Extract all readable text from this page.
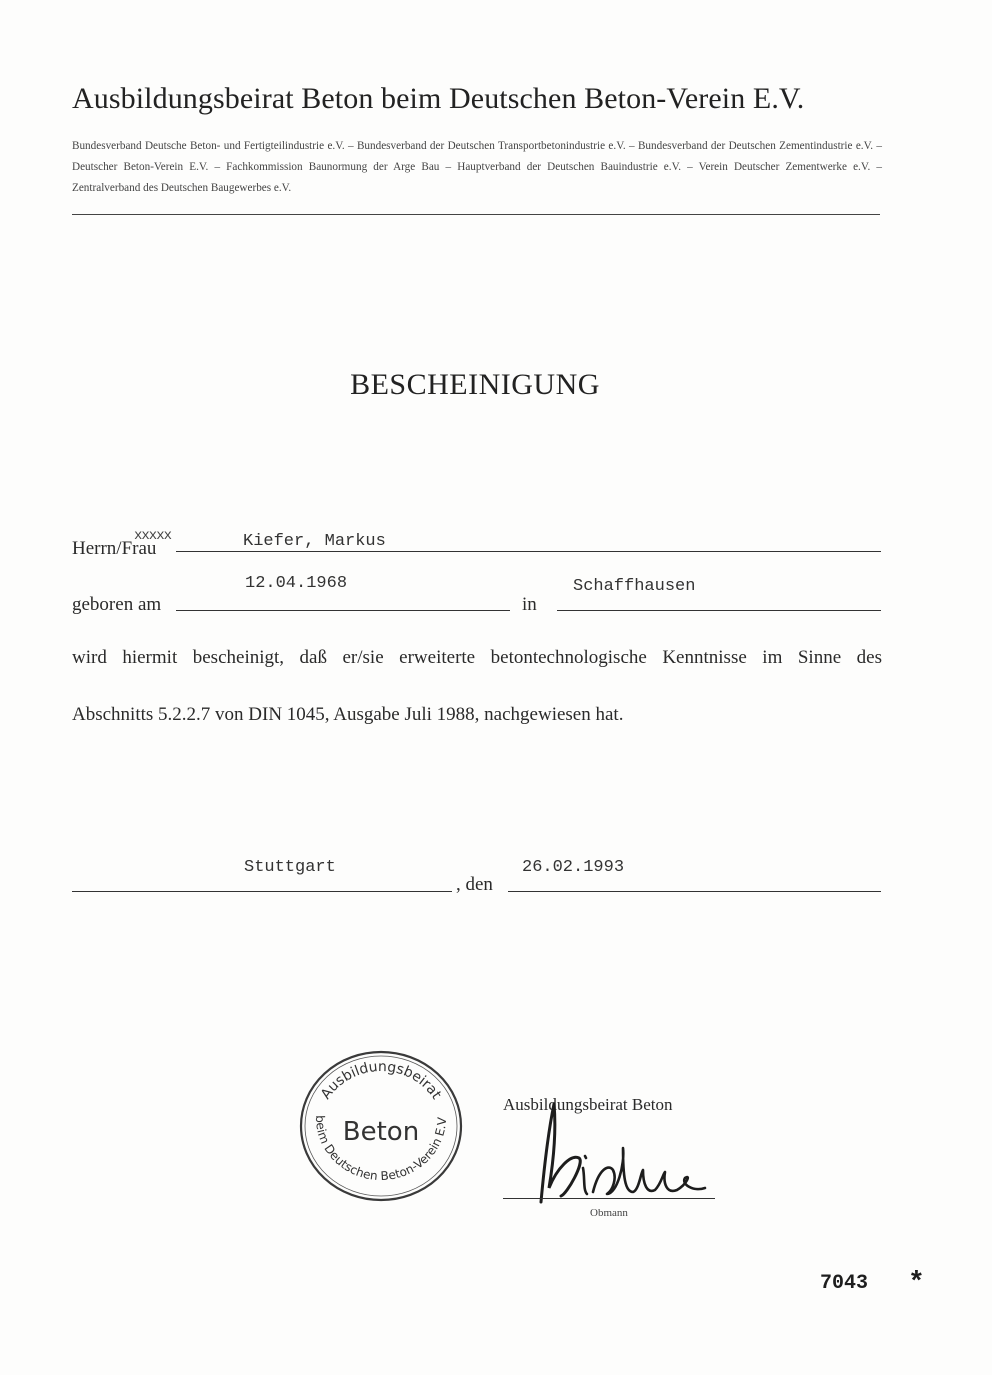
Ausbildungsbeirat Beton beim Deutschen Beton-Verein E.V.
Bundesverband Deutsche Beton- und Fertigteilindustrie e.V. – Bundesverband der Deutschen Transportbetonindustrie e.V. – Bundesverband der Deutschen Zementindustrie e.V. – Deutscher Beton-Verein E.V. – Fachkommission Baunormung der Arge Bau – Hauptverband der Deutschen Bauindustrie e.V. – Verein Deutscher Zementwerke e.V. – Zentralverband des Deutschen Baugewerbes e.V.
BESCHEINIGUNG
Herrn/Frau
xxxxx	Kiefer, Markus
geboren am
12.04.1968
in
Schaffhausen
wird hiermit bescheinigt, daß er/sie erweiterte betontechnologische Kenntnisse im Sinne des
Abschnitts 5.2.2.7 von DIN 1045, Ausgabe Juli 1988, nachgewiesen hat.
Stuttgart
, den
26.02.1993
Ausbildungsbeirat
Beton
beim Deutschen Beton-Verein E.V
Ausbildungsbeirat Beton
Obmann
7043 *
